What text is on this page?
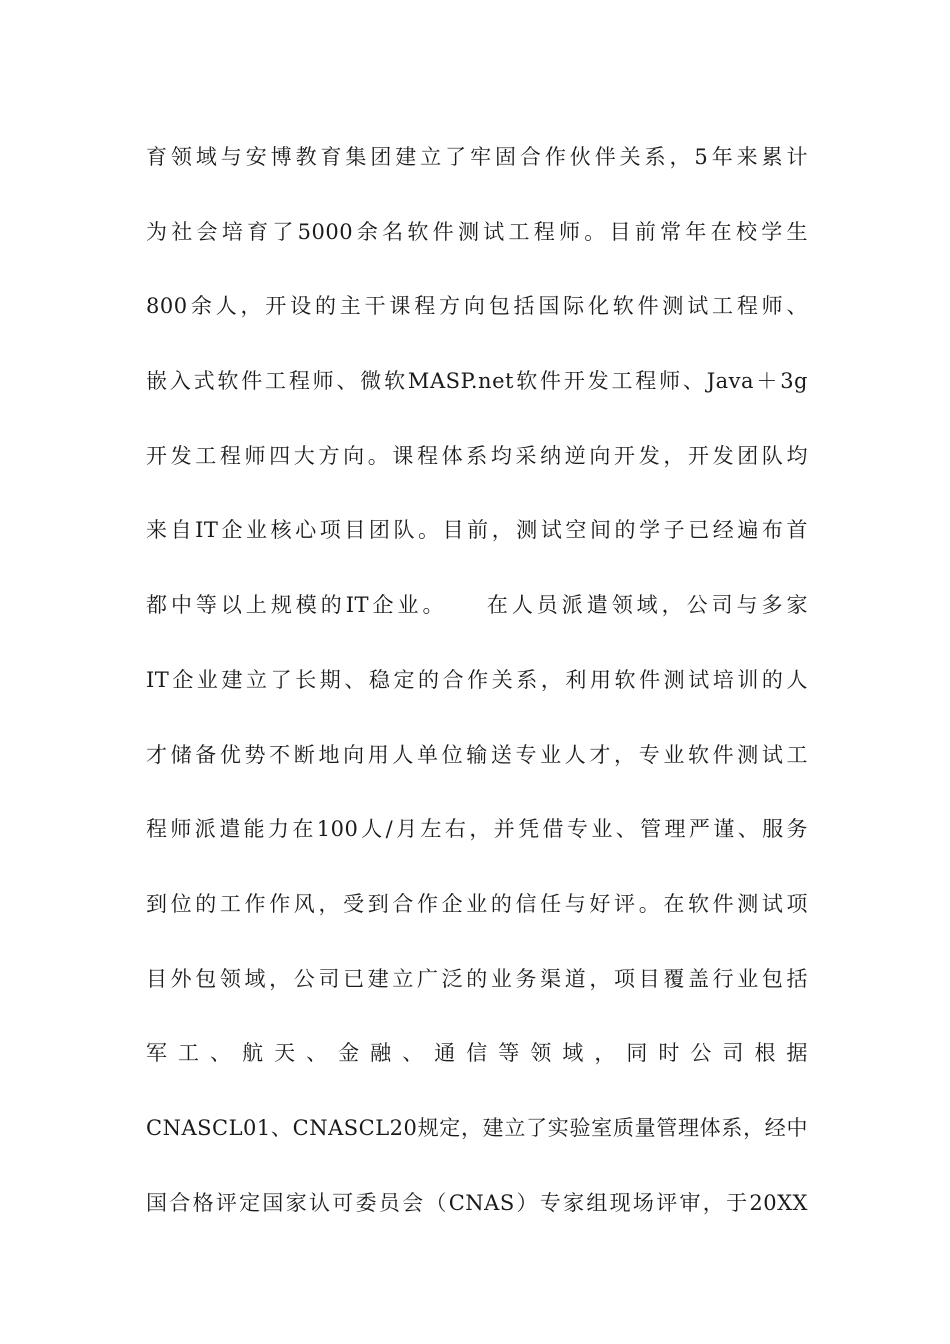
育领域与安博教育集团建立了牢固合作伙伴关系，5年来累计
为社会培育了5000余名软件测试工程师。目前常年在校学生
800余人，开设的主干课程方向包括国际化软件测试工程师、
嵌入式软件工程师、微软MASP.net软件开发工程师、Java＋3g
开发工程师四大方向。课程体系均采纳逆向开发，开发团队均
来自IT企业核心项目团队。目前，测试空间的学子已经遍布首
都中等以上规模的IT企业。　　在人员派遣领域，公司与多家
IT企业建立了长期、稳定的合作关系，利用软件测试培训的人
才储备优势不断地向用人单位输送专业人才，专业软件测试工
程师派遣能力在100人/月左右，并凭借专业、管理严谨、服务
到位的工作作风，受到合作企业的信任与好评。在软件测试项
目外包领域，公司已建立广泛的业务渠道，项目覆盖行业包括
军工、航天、金融、通信等领域，同时公司根据
CNASCL01、CNASCL20规定，建立了实验室质量管理体系，经中
国合格评定国家认可委员会（CNAS）专家组现场评审，于20XX
